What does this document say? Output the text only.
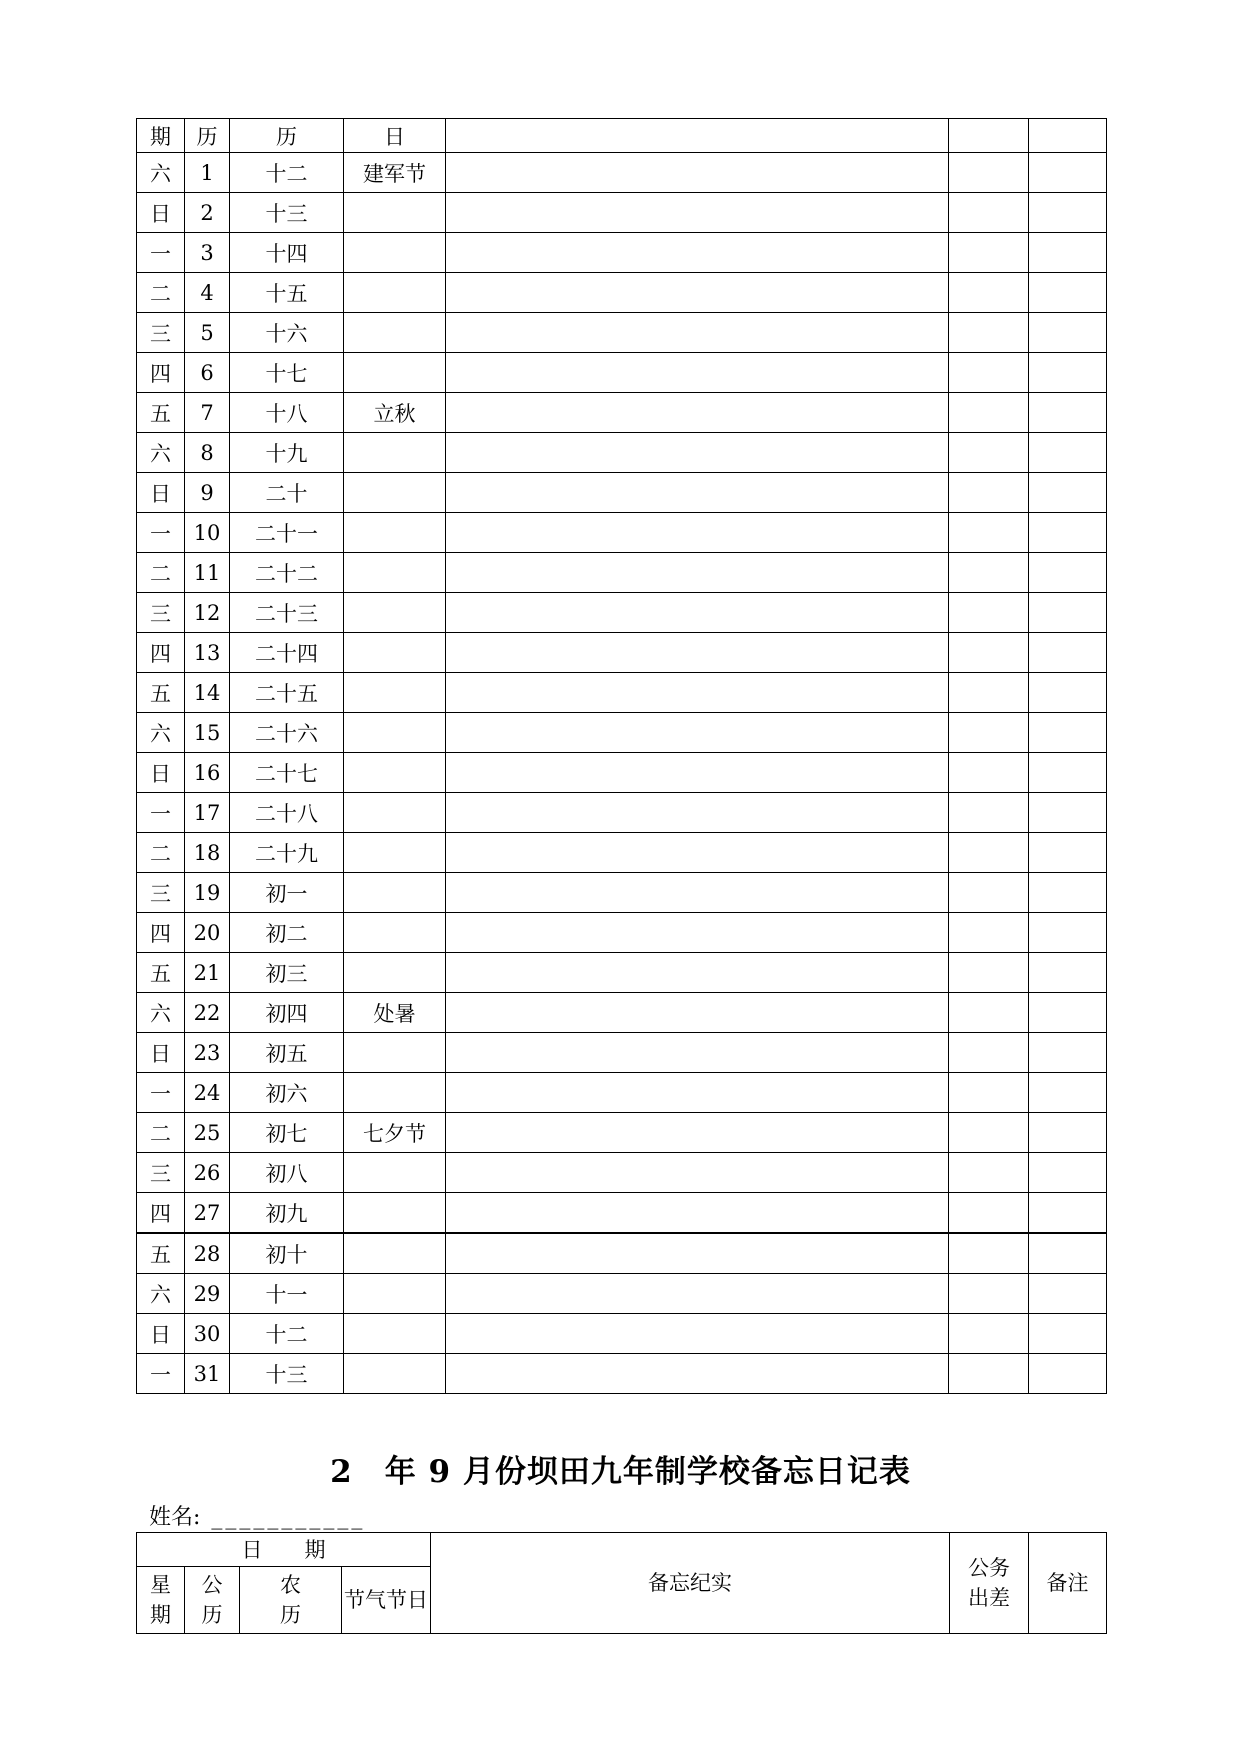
期	历	历	日			
六	1	十二	建军节			
日	2	十三				
一	3	十四				
二	4	十五				
三	5	十六				
四	6	十七				
五	7	十八	立秋			
六	8	十九				
日	9	二十				
一	10	二十一				
二	11	二十二				
三	12	二十三				
四	13	二十四				
五	14	二十五				
六	15	二十六				
日	16	二十七				
一	17	二十八				
二	18	二十九				
三	19	初一				
四	20	初二				
五	21	初三				
六	22	初四	处暑			
日	23	初五				
一	24	初六				
二	25	初七	七夕节			
三	26	初八				
四	27	初九				
五	28	初十				
六	29	十一				
日	30	十二				
一	31	十三				
2　年 9 月份坝田九年制学校备忘日记表
姓名: ___________
日　　期				备忘纪实	公务出差	备注
星期	公历	农历	节气节日			
